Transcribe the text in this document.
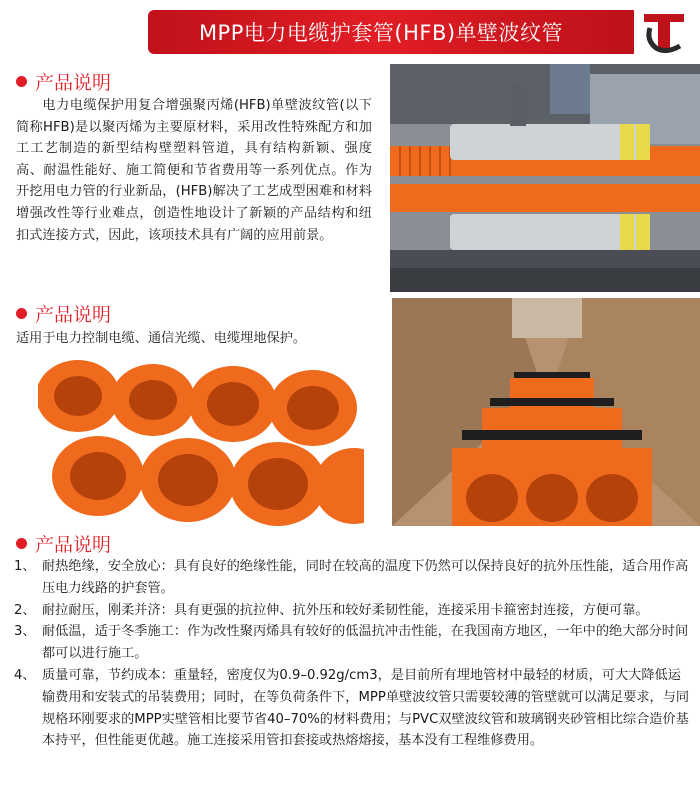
MPP电力电缆护套管(HFB)单壁波纹管
产品说明
电力电缆保护用复合增强聚丙烯(HFB)单壁波纹管(以下简称HFB)是以聚丙烯为主要原材料，采用改性特殊配方和加工工艺制造的新型结构壁塑料管道，具有结构新颖、强度高、耐温性能好、施工简便和节省费用等一系列优点。作为开挖用电力管的行业新品，(HFB)解决了工艺成型困难和材料增强改性等行业难点，创造性地设计了新颖的产品结构和纽扣式连接方式，因此，该项技术具有广阔的应用前景。
产品说明
适用于电力控制电缆、通信光缆、电缆埋地保护。
产品说明
1、 耐热绝缘，安全放心：具有良好的绝缘性能，同时在较高的温度下仍然可以保持良好的抗外压性能，适合用作高压电力线路的护套管。
2、 耐拉耐压，刚柔并济：具有更强的抗拉伸、抗外压和较好柔韧性能，连接采用卡箍密封连接，方便可靠。
3、 耐低温，适于冬季施工：作为改性聚丙烯具有较好的低温抗冲击性能，在我国南方地区，一年中的绝大部分时间都可以进行施工。
4、 质量可靠，节约成本：重量轻，密度仅为0.9–0.92g/cm3，是目前所有埋地管材中最轻的材质，可大大降低运输费用和安装式的吊装费用；同时，在等负荷条件下，MPP单壁波纹管只需要较薄的管壁就可以满足要求，与同规格环刚要求的MPP实壁管相比要节省40–70%的材料费用；与PVC双壁波纹管和玻璃钢夹砂管相比综合造价基本持平，但性能更优越。施工连接采用管扣套接或热熔熔接，基本没有工程维修费用。
